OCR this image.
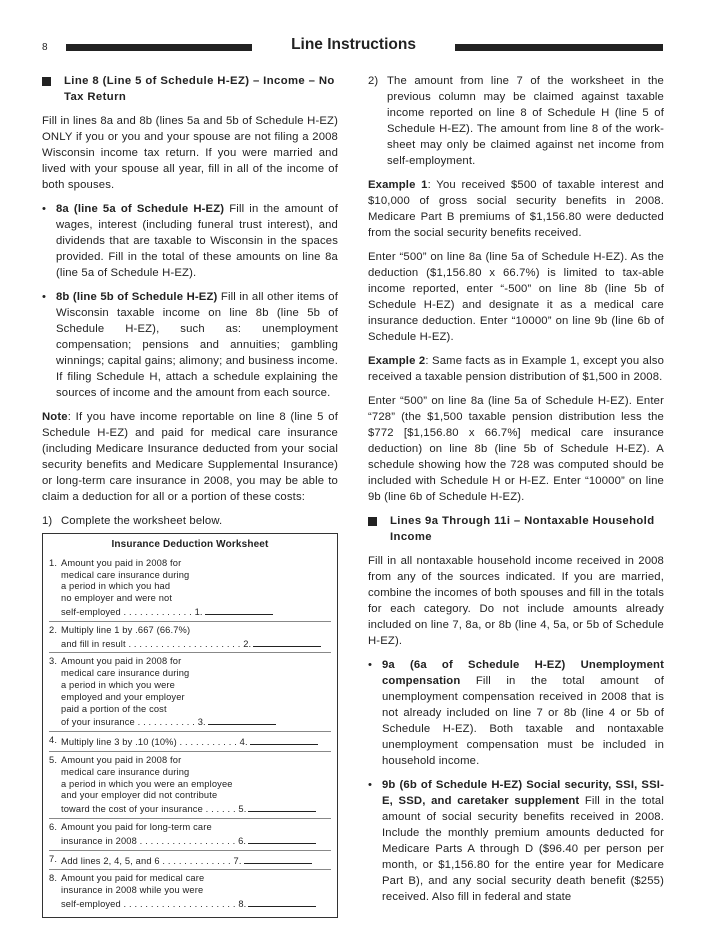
8	Line Instructions
Line 8 (Line 5 of Schedule H-EZ) – Income – No Tax Return

Fill in lines 8a and 8b (lines 5a and 5b of Schedule H-EZ) ONLY if you or you and your spouse are not filing a 2008 Wisconsin income tax return. If you were married and lived with your spouse all year, fill in all of the income of both spouses.

• 8a (line 5a of Schedule H-EZ) Fill in the amount of wages, interest (including funeral trust interest), and dividends that are taxable to Wisconsin in the spaces provided. Fill in the total of these amounts on line 8a (line 5a of Schedule H-EZ).
• 8b (line 5b of Schedule H-EZ) Fill in all other items of Wisconsin taxable income on line 8b (line 5b of Schedule H-EZ), such as: unemployment compensation; pensions and annuities; gambling winnings; capital gains; alimony; and business income. If filing Schedule H, attach a schedule explaining the sources of income and the amount from each source.

Note: If you have income reportable on line 8 (line 5 of Schedule H-EZ) and paid for medical care insurance (including Medicare Insurance deducted from your social security benefits and Medicare Supplemental Insurance) or long-term care insurance in 2008, you may be able to claim a deduction for all or a portion of these costs:

1) Complete the worksheet below.
Insurance Deduction Worksheet
1. Amount you paid in 2008 for
medical care insurance during
a period in which you had
no employer and were not
self-employed . . . . . . . . . . . . . 1.
2. Multiply line 1 by .667 (66.7%)
and fill in result . . . . . . . . . . . . . . . . . . . . . 2.
3. Amount you paid in 2008 for
medical care insurance during
a period in which you were
employed and your employer
paid a portion of the cost
of your insurance . . . . . . . . . . . 3.
4. Multiply line 3 by .10 (10%) . . . . . . . . . . . 4.
5. Amount you paid in 2008 for
medical care insurance during
a period in which you were an employee
and your employer did not contribute
toward the cost of your insurance . . . . . . 5.
6. Amount you paid for long-term care
insurance in 2008 . . . . . . . . . . . . . . . . . . 6.
7. Add lines 2, 4, 5, and 6 . . . . . . . . . . . . . 7.
8. Amount you paid for medical care
insurance in 2008 while you were
self-employed . . . . . . . . . . . . . . . . . . . . . 8.
2) The amount from line 7 of the worksheet in the previous column may be claimed against taxable income reported on line 8 of Schedule H (line 5 of Schedule H-EZ). The amount from line 8 of the work-sheet may only be claimed against net income from self-employment.

Example 1: You received $500 of taxable interest and $10,000 of gross social security benefits in 2008. Medicare Part B premiums of $1,156.80 were deducted from the social security benefits received.

Enter “500” on line 8a (line 5a of Schedule H-EZ). As the deduction ($1,156.80 x 66.7%) is limited to tax-able income reported, enter “-500” on line 8b (line 5b of Schedule H-EZ) and designate it as a medical care insurance deduction. Enter “10000” on line 9b (line 6b of Schedule H-EZ).

Example 2: Same facts as in Example 1, except you also received a taxable pension distribution of $1,500 in 2008.

Enter “500” on line 8a (line 5a of Schedule H-EZ). Enter “728” (the $1,500 taxable pension distribution less the $772 [$1,156.80 x 66.7%] medical care insurance deduction) on line 8b (line 5b of Schedule H-EZ). A schedule showing how the 728 was computed should be included with Schedule H or H-EZ. Enter “10000” on line 9b (line 6b of Schedule H-EZ).

Lines 9a Through 11i – Nontaxable Household Income

Fill in all nontaxable household income received in 2008 from any of the sources indicated. If you are married, combine the incomes of both spouses and fill in the totals for each category. Do not include amounts already included on line 7, 8a, or 8b (line 4, 5a, or 5b of Schedule H-EZ).

• 9a (6a of Schedule H-EZ) Unemployment compensation Fill in the total amount of unemployment compensation received in 2008 that is not already included on line 7 or 8b (line 4 or 5b of Schedule H-EZ). Both taxable and nontaxable unemployment compensation must be included in household income.
• 9b (6b of Schedule H-EZ) Social security, SSI, SSI-E, SSD, and caretaker supplement Fill in the total amount of social security benefits received in 2008. Include the monthly premium amounts deducted for Medicare Parts A through D ($96.40 per person per month, or $1,156.80 for the entire year for Medicare Part B), and any social security death benefit ($255) received. Also fill in federal and state
